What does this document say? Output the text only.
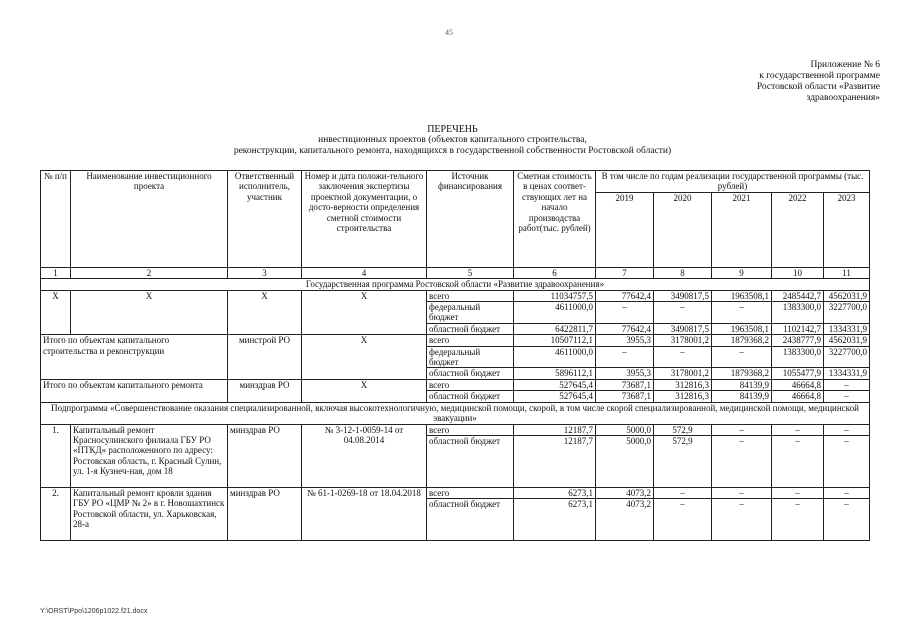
45
Приложение № 6
к государственной программе
Ростовской области «Развитие
здравоохранения»
ПЕРЕЧЕНЬ
инвестиционных проектов (объектов капитального строительства,
реконструкции, капитального ремонта, находящихся в государственной собственности Ростовской области)
№ п/п	Наименование инвестиционного проекта	Ответственный исполнитель, участник	Номер и дата положи-тельного заключения экспертизы проектной документации, о досто-верности определения сметной стоимости строительства	Источник финансирования	Сметная стоимость в ценах соответ-ствующих лет на начало производства работ(тыс. рублей)	В том числе по годам реализации государственной программы (тыс. рублей)				
						2019	2020	2021	2022	2023
1	2	3	4	5	6	7	8	9	10	11
Государственная программа Ростовской области «Развитие здравоохранения»										
Х	Х	Х	Х	всего	11034757,5	77642,4	3490817,5	1963508,1	2485442,7	4562031,9
				федеральный бюджет	4611000,0	–	–	–	1383300,0	3227700,0
				областной бюджет	6422811,7	77642,4	3490817,5	1963508,1	1102142,7	1334331,9
Итого по объектам капитального строительства и реконструкции		минстрой РО	Х	всего	10507112,1	3955,3	3178001,2	1879368,2	2438777,9	4562031,9
				федеральный бюджет	4611000,0	–	–	–	1383300,0	3227700,0
				областной бюджет	5896112,1	3955,3	3178001,2	1879368,2	1055477,9	1334331,9
Итого по объектам капитального ремонта		минздрав РО	Х	всего	527645,4	73687,1	312816,3	84139,9	46664,8	–
				областной бюджет	527645,4	73687,1	312816,3	84139,9	46664,8	–
Подпрограмма «Совершенствование оказания специализированной, включая высокотехнологичную, медицинской помощи, скорой, в том числе скорой специализированной, медицинской помощи, медицинской эвакуации»										
1.	Капитальный ремонт Красносулинского филиала ГБУ РО «ПТКД» расположенного по адресу: Ростовская область, г. Красный Сулин, ул. 1-я Кузнеч-ная, дом 18	минздрав РО	№ 3-12-1-0059-14 от 04.08.2014	всего	12187,7	5000,0	572,9	–	–	–
				областной бюджет	12187,7	5000,0	572,9	–	–	–
2.	Капитальный ремонт кровли здания ГБУ РО «ЦМР № 2» в г. Новошахтинск Ростовской области, ул. Харьковская, 28-а	минздрав РО	№ 61-1-0269-18 от 18.04.2018	всего	6273,1	4073,2	–	–	–	–
				областной бюджет	6273,1	4073,2	–	–	–	–
Y:\ORST\Ppo\1206p1022.f21.docx
